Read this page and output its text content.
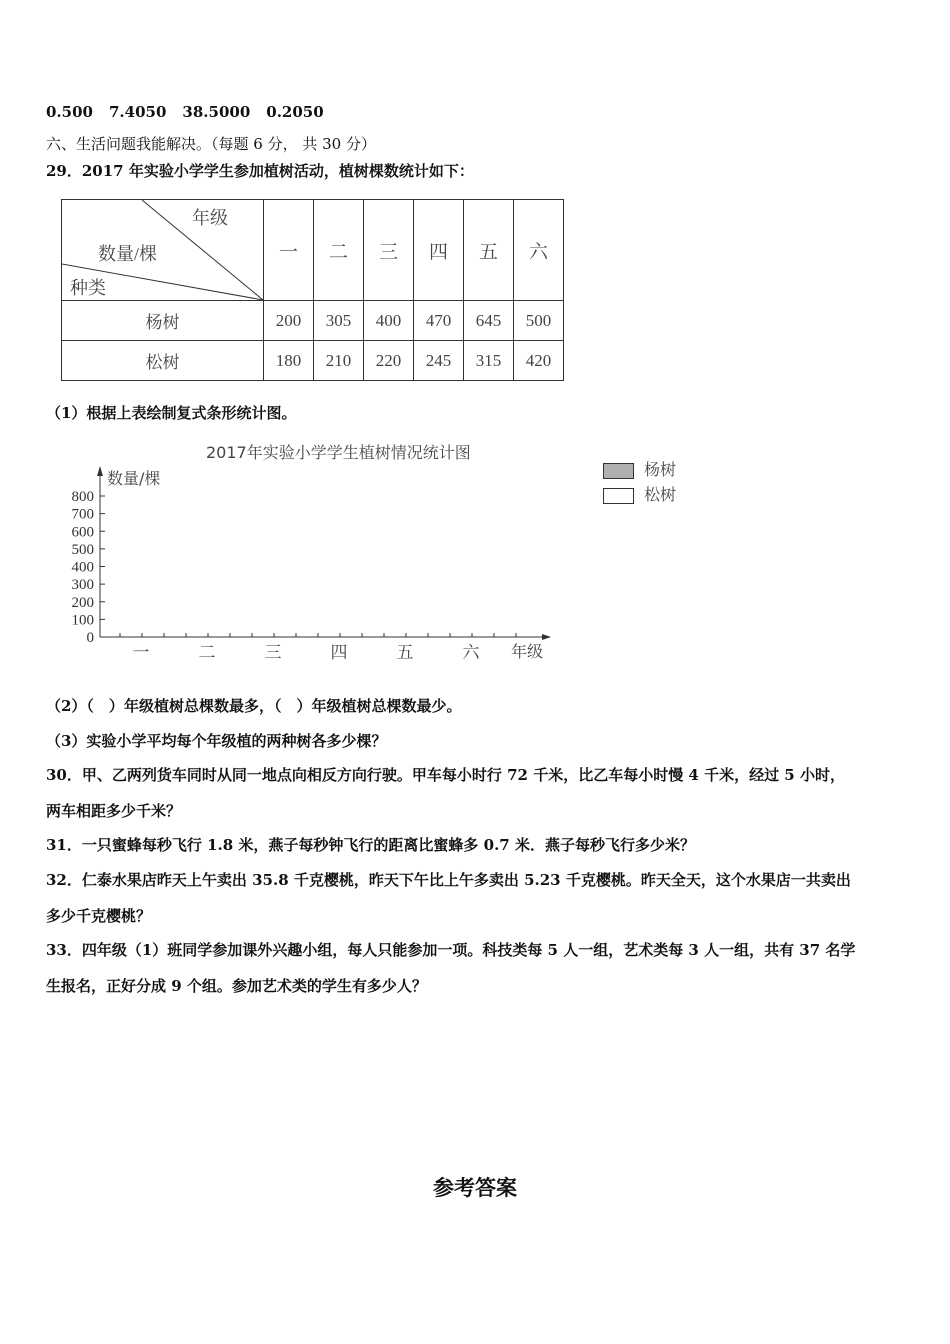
0.500 7.4050 38.5000 0.2050
六、生活问题我能解决。（每题 6 分， 共 30 分）
29．2017 年实验小学学生参加植树活动，植树棵数统计如下：
年级
数量/棵
种类	一	二	三	四	五	六
杨树	200	305	400	470	645	500
松树	180	210	220	245	315	420
（1）根据上表绘制复式条形统计图。
2017年实验小学学生植树情况统计图
数量/棵
0
100
200
300
400
500
600
700
800
年级
一	二	三	四	五	六
杨树
松树
（2）（　）年级植树总棵数最多，（　）年级植树总棵数最少。
（3）实验小学平均每个年级植的两种树各多少棵？
30．甲、乙两列货车同时从同一地点向相反方向行驶。甲车每小时行 72 千米，比乙车每小时慢 4 千米，经过 5 小时，
两车相距多少千米？
31．一只蜜蜂每秒飞行 1.8 米，燕子每秒钟飞行的距离比蜜蜂多 0.7 米．燕子每秒飞行多少米？
32．仁泰水果店昨天上午卖出 35.8 千克樱桃，昨天下午比上午多卖出 5.23 千克樱桃。昨天全天，这个水果店一共卖出
多少千克樱桃？
33．四年级（1）班同学参加课外兴趣小组，每人只能参加一项。科技类每 5 人一组，艺术类每 3 人一组，共有 37 名学
生报名，正好分成 9 个组。参加艺术类的学生有多少人？
参考答案
